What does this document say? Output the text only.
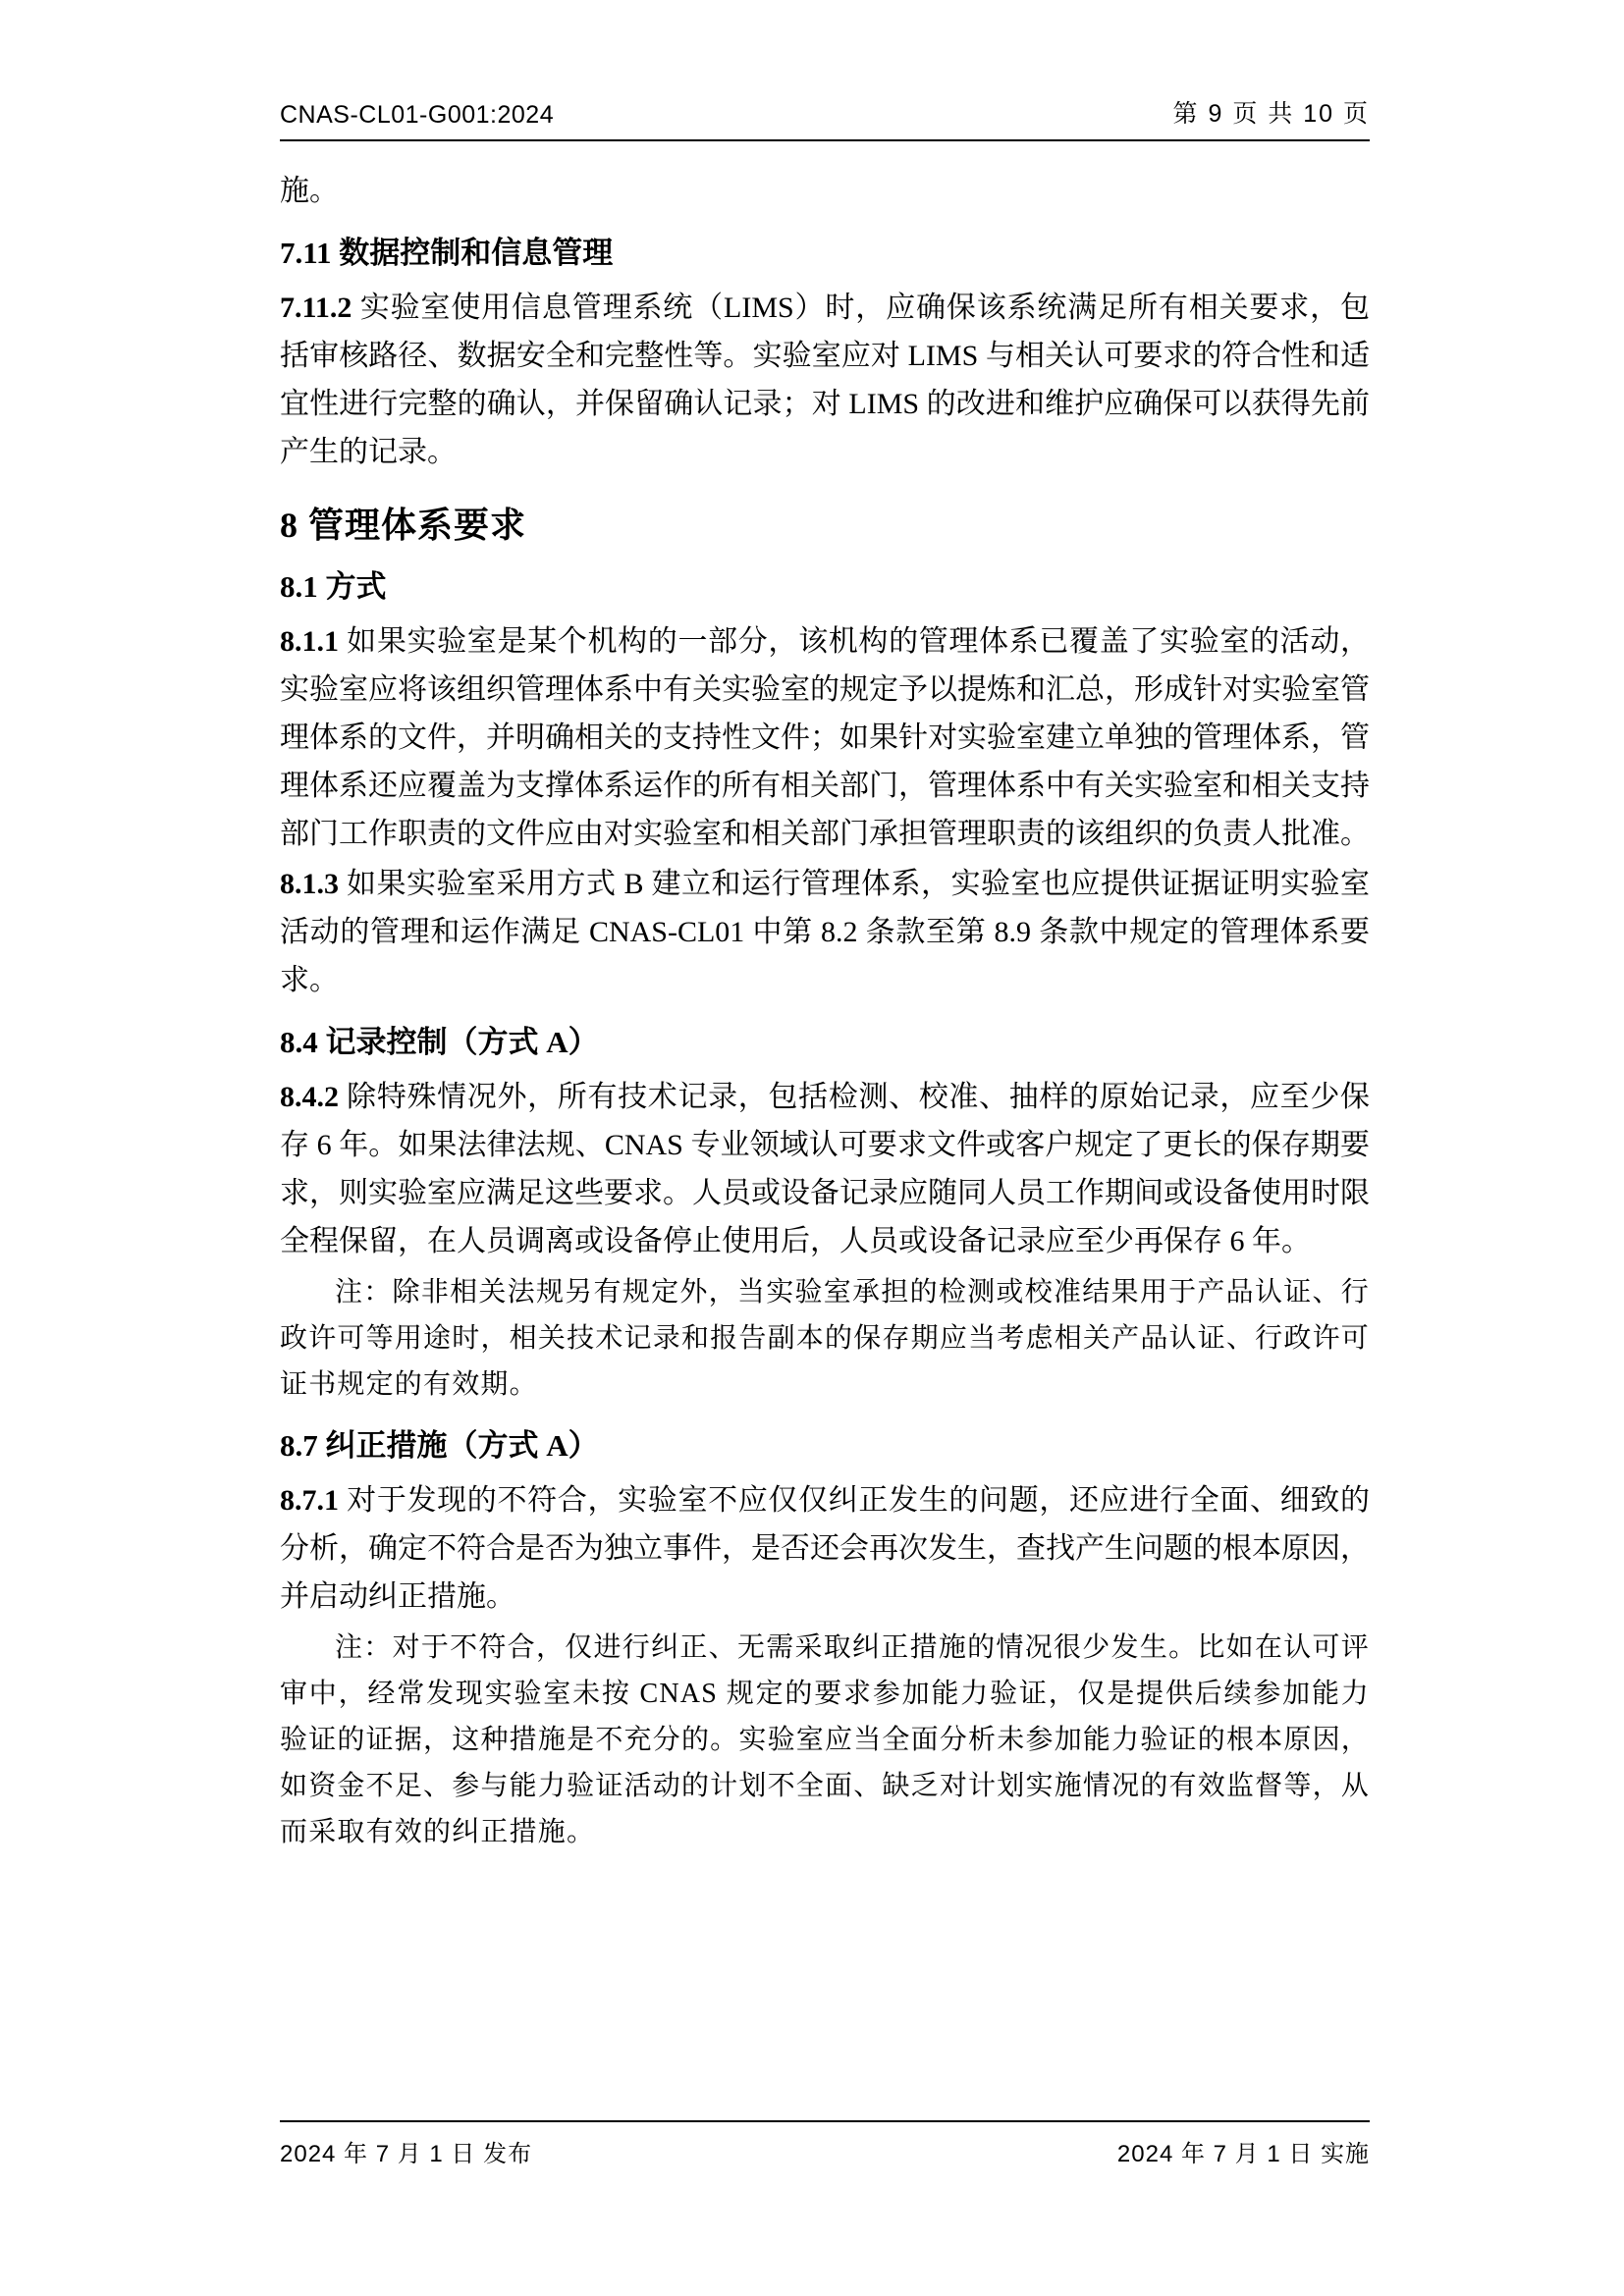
CNAS-CL01-G001:2024	第 9 页 共 10 页

施。

7.11 数据控制和信息管理

7.11.2 实验室使用信息管理系统（LIMS）时，应确保该系统满足所有相关要求，包括审核路径、数据安全和完整性等。实验室应对 LIMS 与相关认可要求的符合性和适宜性进行完整的确认，并保留确认记录；对 LIMS 的改进和维护应确保可以获得先前产生的记录。

8 管理体系要求
8.1 方式

8.1.1 如果实验室是某个机构的一部分，该机构的管理体系已覆盖了实验室的活动，实验室应将该组织管理体系中有关实验室的规定予以提炼和汇总，形成针对实验室管理体系的文件，并明确相关的支持性文件；如果针对实验室建立单独的管理体系，管理体系还应覆盖为支撑体系运作的所有相关部门，管理体系中有关实验室和相关支持部门工作职责的文件应由对实验室和相关部门承担管理职责的该组织的负责人批准。

8.1.3 如果实验室采用方式 B 建立和运行管理体系，实验室也应提供证据证明实验室活动的管理和运作满足 CNAS-CL01 中第 8.2 条款至第 8.9 条款中规定的管理体系要求。

8.4 记录控制（方式 A）

8.4.2 除特殊情况外，所有技术记录，包括检测、校准、抽样的原始记录，应至少保存 6 年。如果法律法规、CNAS 专业领域认可要求文件或客户规定了更长的保存期要求，则实验室应满足这些要求。人员或设备记录应随同人员工作期间或设备使用时限全程保留，在人员调离或设备停止使用后，人员或设备记录应至少再保存 6 年。

注：除非相关法规另有规定外，当实验室承担的检测或校准结果用于产品认证、行政许可等用途时，相关技术记录和报告副本的保存期应当考虑相关产品认证、行政许可证书规定的有效期。

8.7 纠正措施（方式 A）

8.7.1 对于发现的不符合，实验室不应仅仅纠正发生的问题，还应进行全面、细致的分析，确定不符合是否为独立事件，是否还会再次发生，查找产生问题的根本原因，并启动纠正措施。

注：对于不符合，仅进行纠正、无需采取纠正措施的情况很少发生。比如在认可评审中，经常发现实验室未按 CNAS 规定的要求参加能力验证，仅是提供后续参加能力验证的证据，这种措施是不充分的。实验室应当全面分析未参加能力验证的根本原因，如资金不足、参与能力验证活动的计划不全面、缺乏对计划实施情况的有效监督等，从而采取有效的纠正措施。

2024 年 7 月 1 日 发布	2024 年 7 月 1 日 实施
